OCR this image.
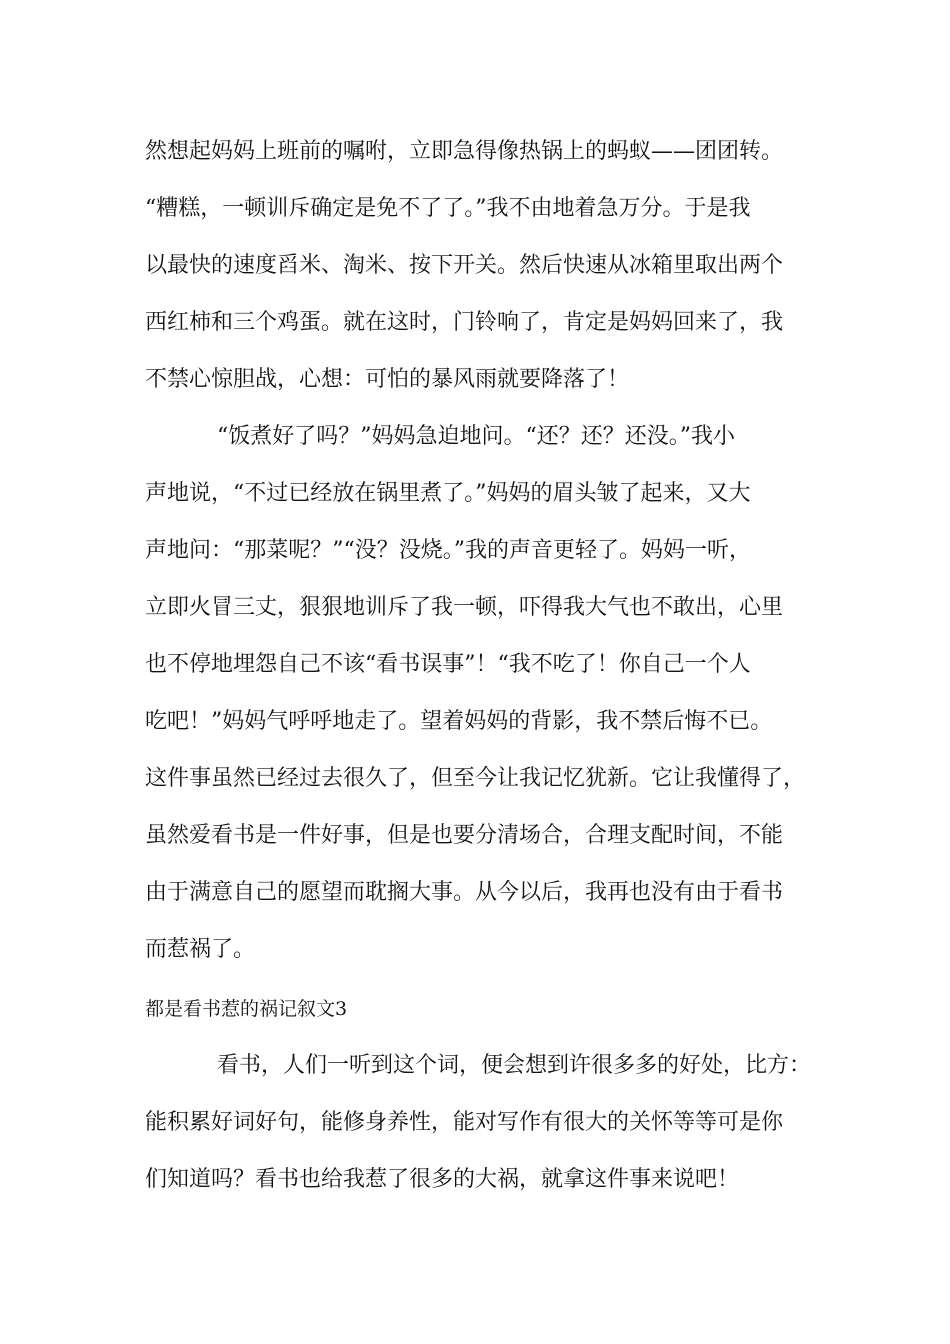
然想起妈妈上班前的嘱咐，立即急得像热锅上的蚂蚁——团团转。
“糟糕，一顿训斥确定是免不了了。”我不由地着急万分。于是我
以最快的速度舀米、淘米、按下开关。然后快速从冰箱里取出两个
西红柿和三个鸡蛋。就在这时，门铃响了，肯定是妈妈回来了，我
不禁心惊胆战，心想：可怕的暴风雨就要降落了！
“饭煮好了吗？”妈妈急迫地问。“还？还？还没。”我小
声地说，“不过已经放在锅里煮了。”妈妈的眉头皱了起来，又大
声地问：“那菜呢？”“没？没烧。”我的声音更轻了。妈妈一听，
立即火冒三丈，狠狠地训斥了我一顿，吓得我大气也不敢出，心里
也不停地埋怨自己不该“看书误事”！“我不吃了！你自己一个人
吃吧！”妈妈气呼呼地走了。望着妈妈的背影，我不禁后悔不已。
这件事虽然已经过去很久了，但至今让我记忆犹新。它让我懂得了，
虽然爱看书是一件好事，但是也要分清场合，合理支配时间，不能
由于满意自己的愿望而耽搁大事。从今以后，我再也没有由于看书
而惹祸了。
都是看书惹的祸记叙文3
看书，人们一听到这个词，便会想到许很多多的好处，比方：
能积累好词好句，能修身养性，能对写作有很大的关怀等等可是你
们知道吗？看书也给我惹了很多的大祸，就拿这件事来说吧！
